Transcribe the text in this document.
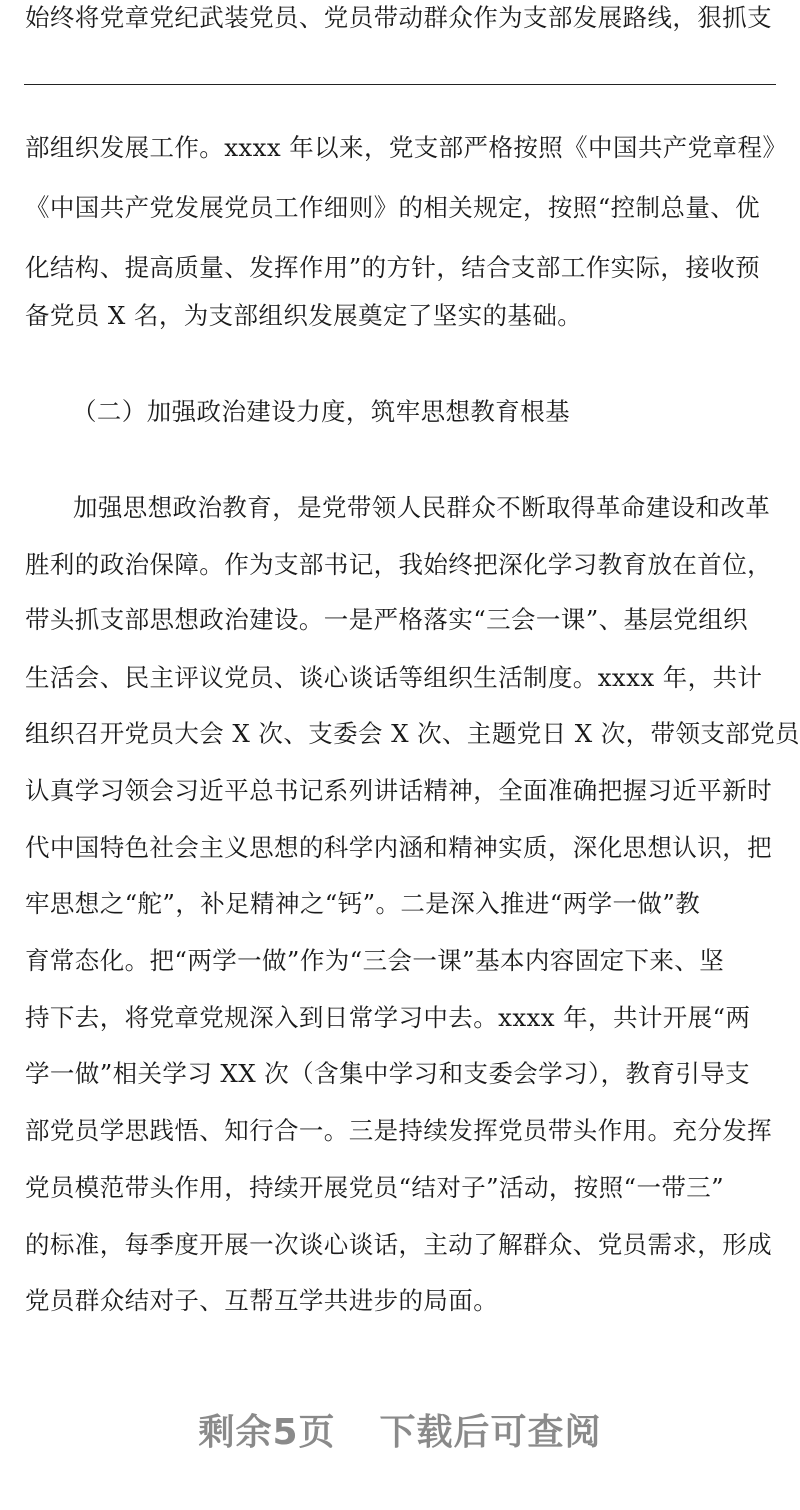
始终将党章党纪武装党员、党员带动群众作为支部发展路线，狠抓支
部组织发展工作。xxxx 年以来，党支部严格按照《中国共产党章程》
《中国共产党发展党员工作细则》的相关规定，按照“控制总量、优
化结构、提高质量、发挥作用”的方针，结合支部工作实际，接收预
备党员 X 名，为支部组织发展奠定了坚实的基础。
（二）加强政治建设力度，筑牢思想教育根基
加强思想政治教育，是党带领人民群众不断取得革命建设和改革
胜利的政治保障。作为支部书记，我始终把深化学习教育放在首位，
带头抓支部思想政治建设。一是严格落实“三会一课”、基层党组织
生活会、民主评议党员、谈心谈话等组织生活制度。xxxx 年，共计
组织召开党员大会 X 次、支委会 X 次、主题党日 X 次，带领支部党员
认真学习领会习近平总书记系列讲话精神，全面准确把握习近平新时
代中国特色社会主义思想的科学内涵和精神实质，深化思想认识，把
牢思想之“舵”，补足精神之“钙”。二是深入推进“两学一做”教
育常态化。把“两学一做”作为“三会一课”基本内容固定下来、坚
持下去，将党章党规深入到日常学习中去。xxxx 年，共计开展“两
学一做”相关学习 XX 次（含集中学习和支委会学习），教育引导支
部党员学思践悟、知行合一。三是持续发挥党员带头作用。充分发挥
党员模范带头作用，持续开展党员“结对子”活动，按照“一带三”
的标准，每季度开展一次谈心谈话，主动了解群众、党员需求，形成
党员群众结对子、互帮互学共进步的局面。
剩余5页 下载后可查阅
